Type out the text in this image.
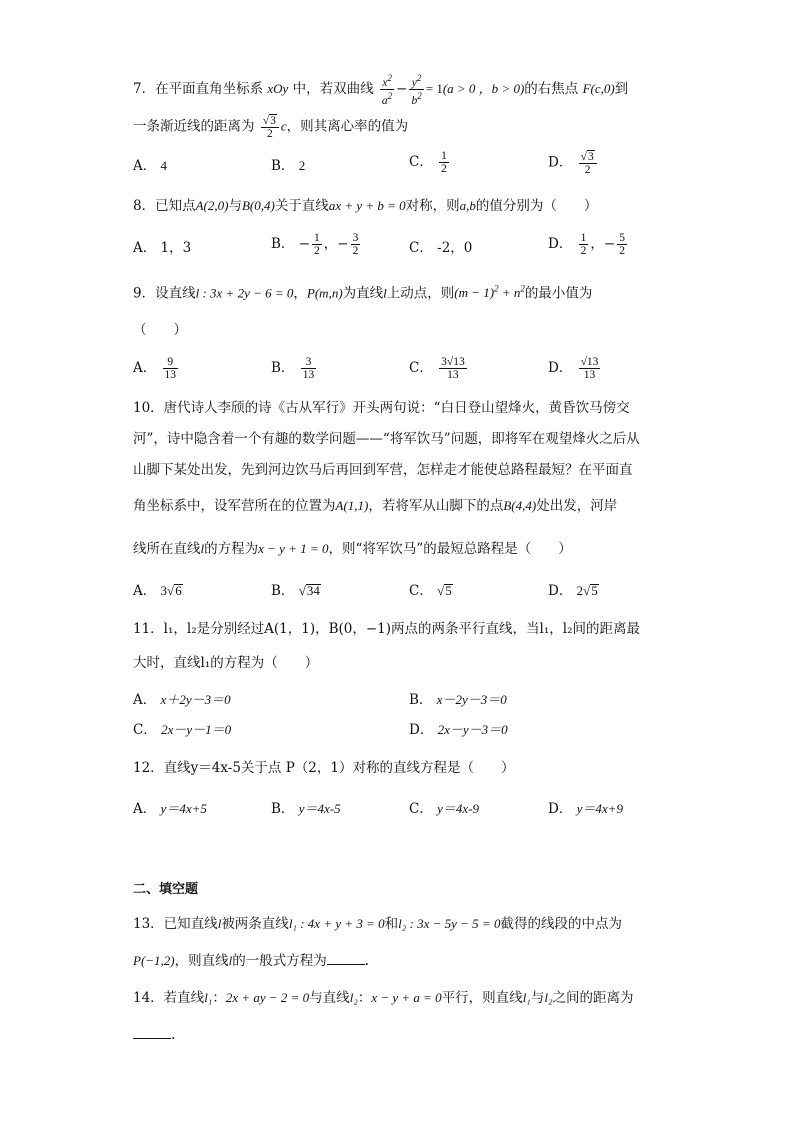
7．在平面直角坐标系 xOy 中，若双曲线 $\frac{x^2}{a^2} - \frac{y^2}{b^2} = 1(a > 0$ ，b > 0)的右焦点 F(c,0)到
一条渐近线的距离为 $\frac{√3}{2}$ c，则其离心率的值为
A． 4	B． 2	C． $\frac{1}{2}$	D． $\frac{√3}{2}$
8．已知点A(2,0)与B(0,4)关于直线ax + y + b = 0对称，则a,b的值分别为（　　）
A． 1，3	B． − $\frac{1}{2}$ ，− $\frac{3}{2}$	C． -2，0	D． $\frac{1}{2}$ ，− $\frac{5}{2}$
9．设直线l : 3x + 2y − 6 = 0，P(m,n)为直线l上动点，则$(m - 1)^2 + n^2$的最小值为
（　　）
A． $\frac{9}{13}$	B． $\frac{3}{13}$	C． $\frac{3√13}{13}$	D． $\frac{√13}{13}$
10．唐代诗人李颀的诗《古从军行》开头两句说：“白日登山望烽火，黄昏饮马傍交
河”，诗中隐含着一个有趣的数学问题——“将军饮马”问题，即将军在观望烽火之后从
山脚下某处出发，先到河边饮马后再回到军营，怎样走才能使总路程最短？在平面直
角坐标系中，设军营所在的位置为A(1,1)，若将军从山脚下的点B(4,4)处出发，河岸
线所在直线l的方程为x − y + 1 = 0，则“将军饮马”的最短总路程是（　　）
A． 3√6	B． √34	C． √5	D． 2√5
11．l₁，l₂是分别经过A(1，1)，B(0，−1)两点的两条平行直线，当l₁，l₂间的距离最
大时，直线l₁的方程为（　　）
A． x＋2y－3＝0	B． x－2y－3＝0
C． 2x－y－1＝0	D． 2x－y－3＝0
12．直线y＝4x-5关于点 P（2，1）对称的直线方程是（　　）
A． y＝4x+5	B． y＝4x-5	C． y＝4x-9	D． y＝4x+9
二、填空题
13．已知直线l被两条直线l₁ : 4x + y + 3 = 0和l₂ : 3x − 5y − 5 = 0截得的线段的中点为
P(−1,2)，则直线l的一般式方程为	.
14．若直线l₁：2x + ay − 2 = 0与直线l₂：x − y + a = 0平行，则直线l₁与l₂之间的距离为
.
